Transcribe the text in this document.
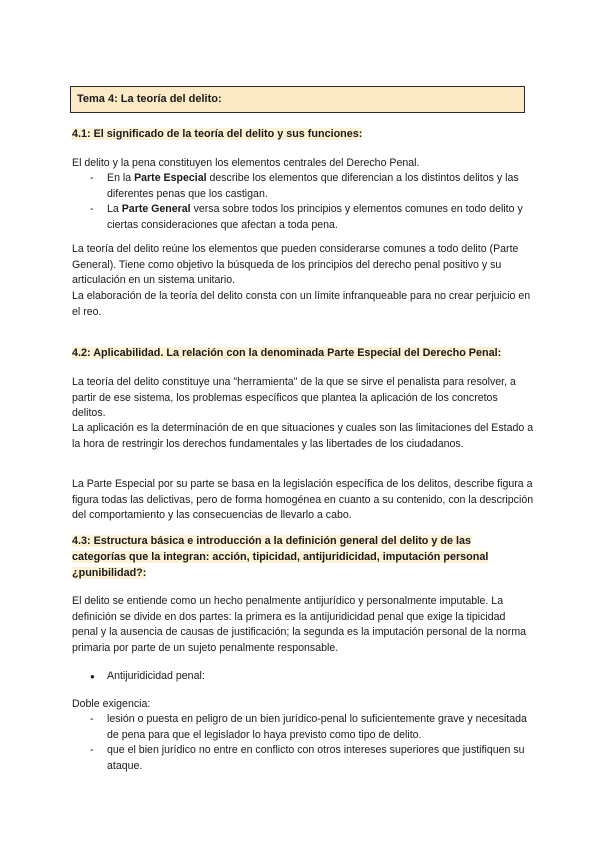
Tema 4: La teoría del delito:
4.1: El significado de la teoría del delito y sus funciones:
El delito y la pena constituyen los elementos centrales del Derecho Penal.
- En la Parte Especial describe los elementos que diferencian a los distintos delitos y las diferentes penas que los castigan.
- La Parte General versa sobre todos los principios y elementos comunes en todo delito y ciertas consideraciones que afectan a toda pena.
La teoría del delito reúne los elementos que pueden considerarse comunes a todo delito (Parte General). Tiene como objetivo la búsqueda de los principios del derecho penal positivo y su articulación en un sistema unitario.
La elaboración de la teoría del delito consta con un límite infranqueable para no crear perjuicio en el reo.
4.2: Aplicabilidad. La relación con la denominada Parte Especial del Derecho Penal:
La teoría del delito constituye una "herramienta" de la que se sirve el penalista para resolver, a partir de ese sistema, los problemas específicos que plantea la aplicación de los concretos delitos.
La aplicación es la determinación de en que situaciones y cuales son las limitaciones del Estado a la hora de restringir los derechos fundamentales y las libertades de los ciudadanos.
La Parte Especial por su parte se basa en la legislación específica de los delitos, describe figura a figura todas las delictivas, pero de forma homogénea en cuanto a su contenido, con la descripción del comportamiento y las consecuencias de llevarlo a cabo.
4.3: Estructura básica e introducción a la definición general del delito y de las
categorías que la integran: acción, tipicidad, antijuridicidad, imputación personal
¿punibilidad?:
El delito se entiende como un hecho penalmente antijurídico y personalmente imputable. La definición se divide en dos partes: la primera es la antijuridicidad penal que exige la tipicidad penal y la ausencia de causas de justificación; la segunda es la imputación personal de la norma primaria por parte de un sujeto penalmente responsable.
● Antijuridicidad penal:
Doble exigencia:
- lesión o puesta en peligro de un bien jurídico-penal lo suficientemente grave y necesitada de pena para que el legislador lo haya previsto como tipo de delito.
- que el bien jurídico no entre en conflicto con otros intereses superiores que justifiquen su ataque.
